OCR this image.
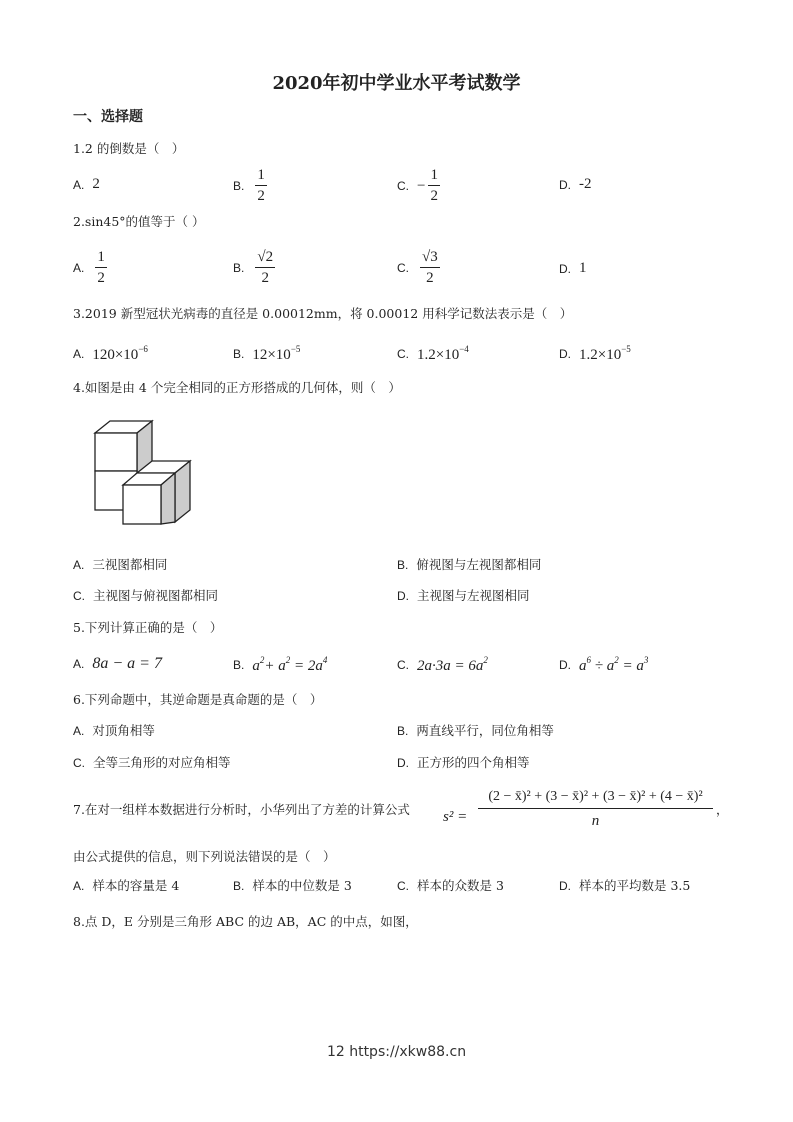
2020年初中学业水平考试数学
一、选择题
1.2 的倒数是（　）
A. 2	B. $\frac{1}{2}$	C. − $\frac{1}{2}$	D. -2
2.sin45°的值等于（ ）
A. $\frac{1}{2}$	B. $\frac{√2}{2}$	C. $\frac{√3}{2}$	D. 1
3.2019 新型冠状光病毒的直径是 0.00012mm，将 0.00012 用科学记数法表示是（　）
A. $120\times 10^{-6}$	B. $12\times 10^{-5}$	C. $1.2\times 10^{-4}$	D. $1.2\times 10^{-5}$
4.如图是由 4 个完全相同的正方形搭成的几何体，则（　）
A. 三视图都相同	B. 俯视图与左视图都相同
C. 主视图与俯视图都相同	D. 主视图与左视图相同
5.下列计算正确的是（　）
A. 8a − a = 7	B. $a^2+ a^2 = 2a^4$	C. $2a\cdot 3a = 6a^2$	D. $a^6 \div a^2 = a^3$
6.下列命题中，其逆命题是真命题的是（　）
A. 对顶角相等	B. 两直线平行，同位角相等
C. 全等三角形的对应角相等	D. 正方形的四个角相等
7.在对一组样本数据进行分析时，小华列出了方差的计算公式 s² =
(2 − x̄)² + (3 − x̄)² + (3 − x̄)² + (4 − x̄)²
n
，
由公式提供的信息，则下列说法错误的是（　）
A. 样本的容量是 4	B. 样本的中位数是 3	C. 样本的众数是 3	D. 样本的平均数是 3.5
8.点 D，E 分别是三角形 ABC 的边 AB，AC 的中点，如图，
12 https://xkw88.cn
